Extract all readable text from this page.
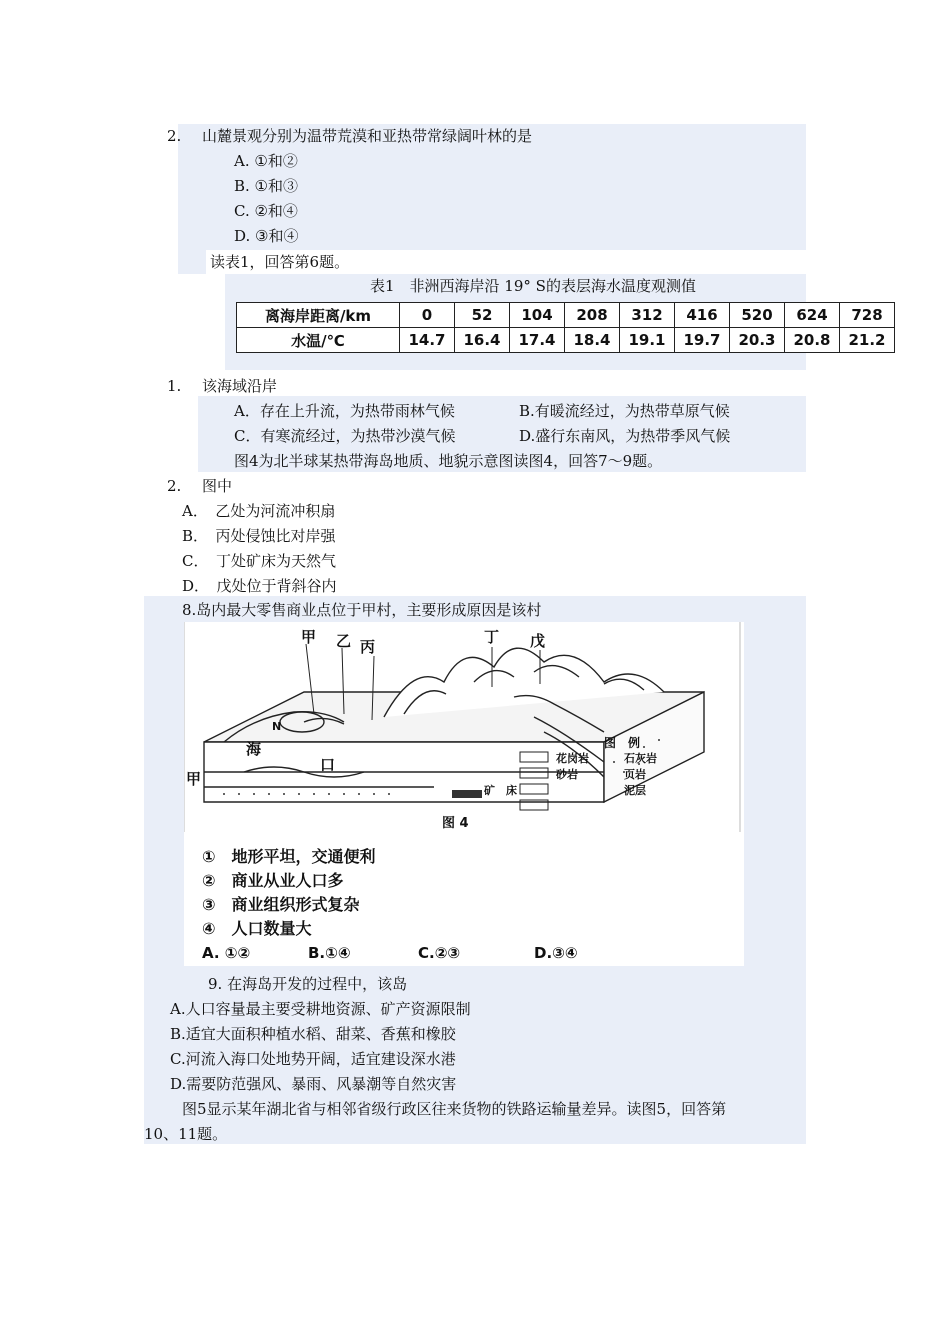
2. 山麓景观分别为温带荒漠和亚热带常绿阔叶林的是
A. ①和②
B. ①和③
C. ②和④
D. ③和④
读表1，回答第6题。
表1　非洲西海岸沿 19° S的表层海水温度观测值
离海岸距离/km	0	52	104	208	312	416	520	624	728
水温/℃	14.7	16.4	17.4	18.4	19.1	19.7	20.3	20.8	21.2
1. 该海域沿岸
A．存在上升流，为热带雨林气候	B.有暖流经过，为热带草原气候
C．有寒流经过，为热带沙漠气候	D.盛行东南风，为热带季风气候
图4为北半球某热带海岛地质、地貌示意图读图4，回答7～9题。
2. 图中
A．　乙处为河流冲积扇
B．　丙处侵蚀比对岸强
C．　丁处矿床为天然气
D．　戊处位于背斜谷内
8.岛内最大零售商业点位于甲村，主要形成原因是该村
甲 乙 丙
丁 戊
海
N
口
甲
图　例
花岗岩
砂岩	页岩
石灰岩
泥层
矿　床
图 4
①　地形平坦，交通便利
②　商业从业人口多
③　商业组织形式复杂
④　人口数量大
A. ①②	B.①④	C.②③	D.③④
9. 在海岛开发的过程中，该岛
A.人口容量最主要受耕地资源、矿产资源限制
B.适宜大面积种植水稻、甜菜、香蕉和橡胶
C.河流入海口处地势开阔，适宜建设深水港
D.需要防范强风、暴雨、风暴潮等自然灾害
图5显示某年湖北省与相邻省级行政区往来货物的铁路运输量差异。读图5，回答第
10、11题。
